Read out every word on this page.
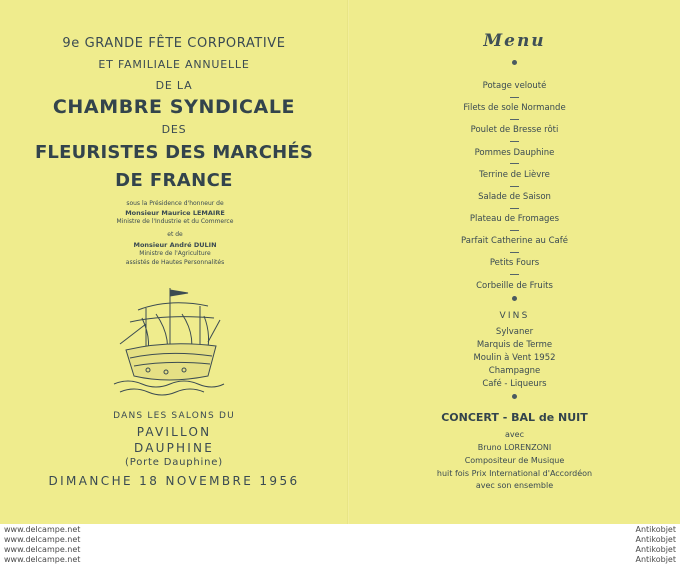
9e GRANDE FÊTE CORPORATIVE
ET FAMILIALE ANNUELLE
DE LA
CHAMBRE SYNDICALE
DES
FLEURISTES DES MARCHÉS
DE FRANCE
sous la Présidence d'honneur de
Monsieur Maurice LEMAIRE
Ministre de l'Industrie et du Commerce
et de
Monsieur André DULIN
Ministre de l'Agriculture
assistés de Hautes Personnalités
DANS LES SALONS DU
PAVILLON
DAUPHINE
(Porte Dauphine)
DIMANCHE 18 NOVEMBRE 1956
Menu
Potage velouté
Filets de sole Normande
Poulet de Bresse rôti
Pommes Dauphine
Terrine de Lièvre
Salade de Saison
Plateau de Fromages
Parfait Catherine au Café
Petits Fours
Corbeille de Fruits
VINS
Sylvaner
Marquis de Terme
Moulin à Vent 1952
Champagne
Café - Liqueurs
CONCERT - BAL de NUIT
avec
Bruno LORENZONI
Compositeur de Musique
huit fois Prix International d'Accordéon
avec son ensemble
www.delcampe.net
www.delcampe.net
www.delcampe.net
www.delcampe.net
Antikobjet
Antikobjet
Antikobjet
Antikobjet
